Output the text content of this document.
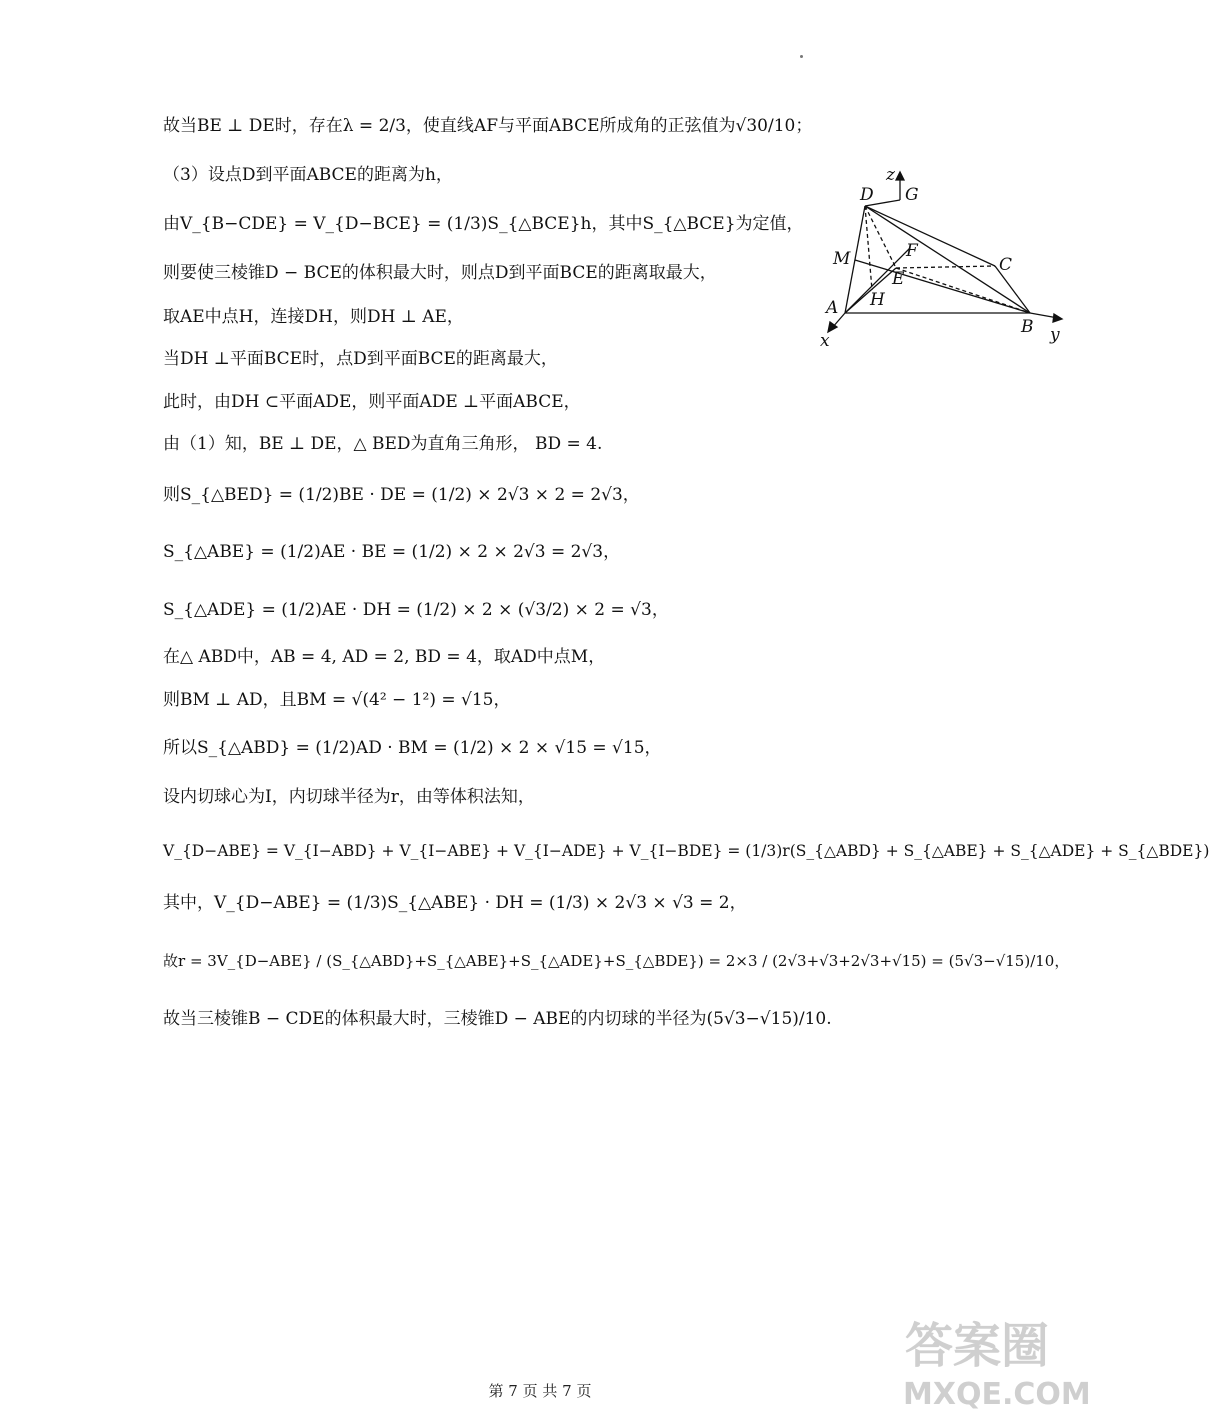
故当BE ⊥ DE时，存在λ = 2/3，使直线AF与平面ABCE所成角的正弦值为√30/10；
（3）设点D到平面ABCE的距离为h，
由V_{B−CDE} = V_{D−BCE} = (1/3)S_{△BCE}h，其中S_{△BCE}为定值，
则要使三棱锥D − BCE的体积最大时，则点D到平面BCE的距离取最大，
取AE中点H，连接DH，则DH ⊥ AE，
当DH ⊥平面BCE时，点D到平面BCE的距离最大，
此时，由DH ⊂平面ADE，则平面ADE ⊥平面ABCE，
由（1）知，BE ⊥ DE，△ BED为直角三角形， BD = 4.
则S_{△BED} = (1/2)BE · DE = (1/2) × 2√3 × 2 = 2√3，
S_{△ABE} = (1/2)AE · BE = (1/2) × 2 × 2√3 = 2√3，
S_{△ADE} = (1/2)AE · DH = (1/2) × 2 × (√3/2) × 2 = √3，
在△ ABD中，AB = 4, AD = 2, BD = 4，取AD中点M，
则BM ⊥ AD，且BM = √(4² − 1²) = √15，
所以S_{△ABD} = (1/2)AD · BM = (1/2) × 2 × √15 = √15，
设内切球心为I，内切球半径为r，由等体积法知，
V_{D−ABE} = V_{I−ABD} + V_{I−ABE} + V_{I−ADE} + V_{I−BDE} = (1/3)r(S_{△ABD} + S_{△ABE} + S_{△ADE} + S_{△BDE})
其中，V_{D−ABE} = (1/3)S_{△ABE} · DH = (1/3) × 2√3 × √3 = 2，
故r = 3V_{D−ABE} / (S_{△ABD}+S_{△ABE}+S_{△ADE}+S_{△BDE}) = 2×3 / (2√3+√3+2√3+√15) = (5√3−√15)/10，
故当三棱锥B − CDE的体积最大时，三棱锥D − ABE的内切球的半径为(5√3−√15)/10.
D G
z
M	F
C
E
A H
B
x	y
答案圈
MXQE.COM
第 7 页 共 7 页
